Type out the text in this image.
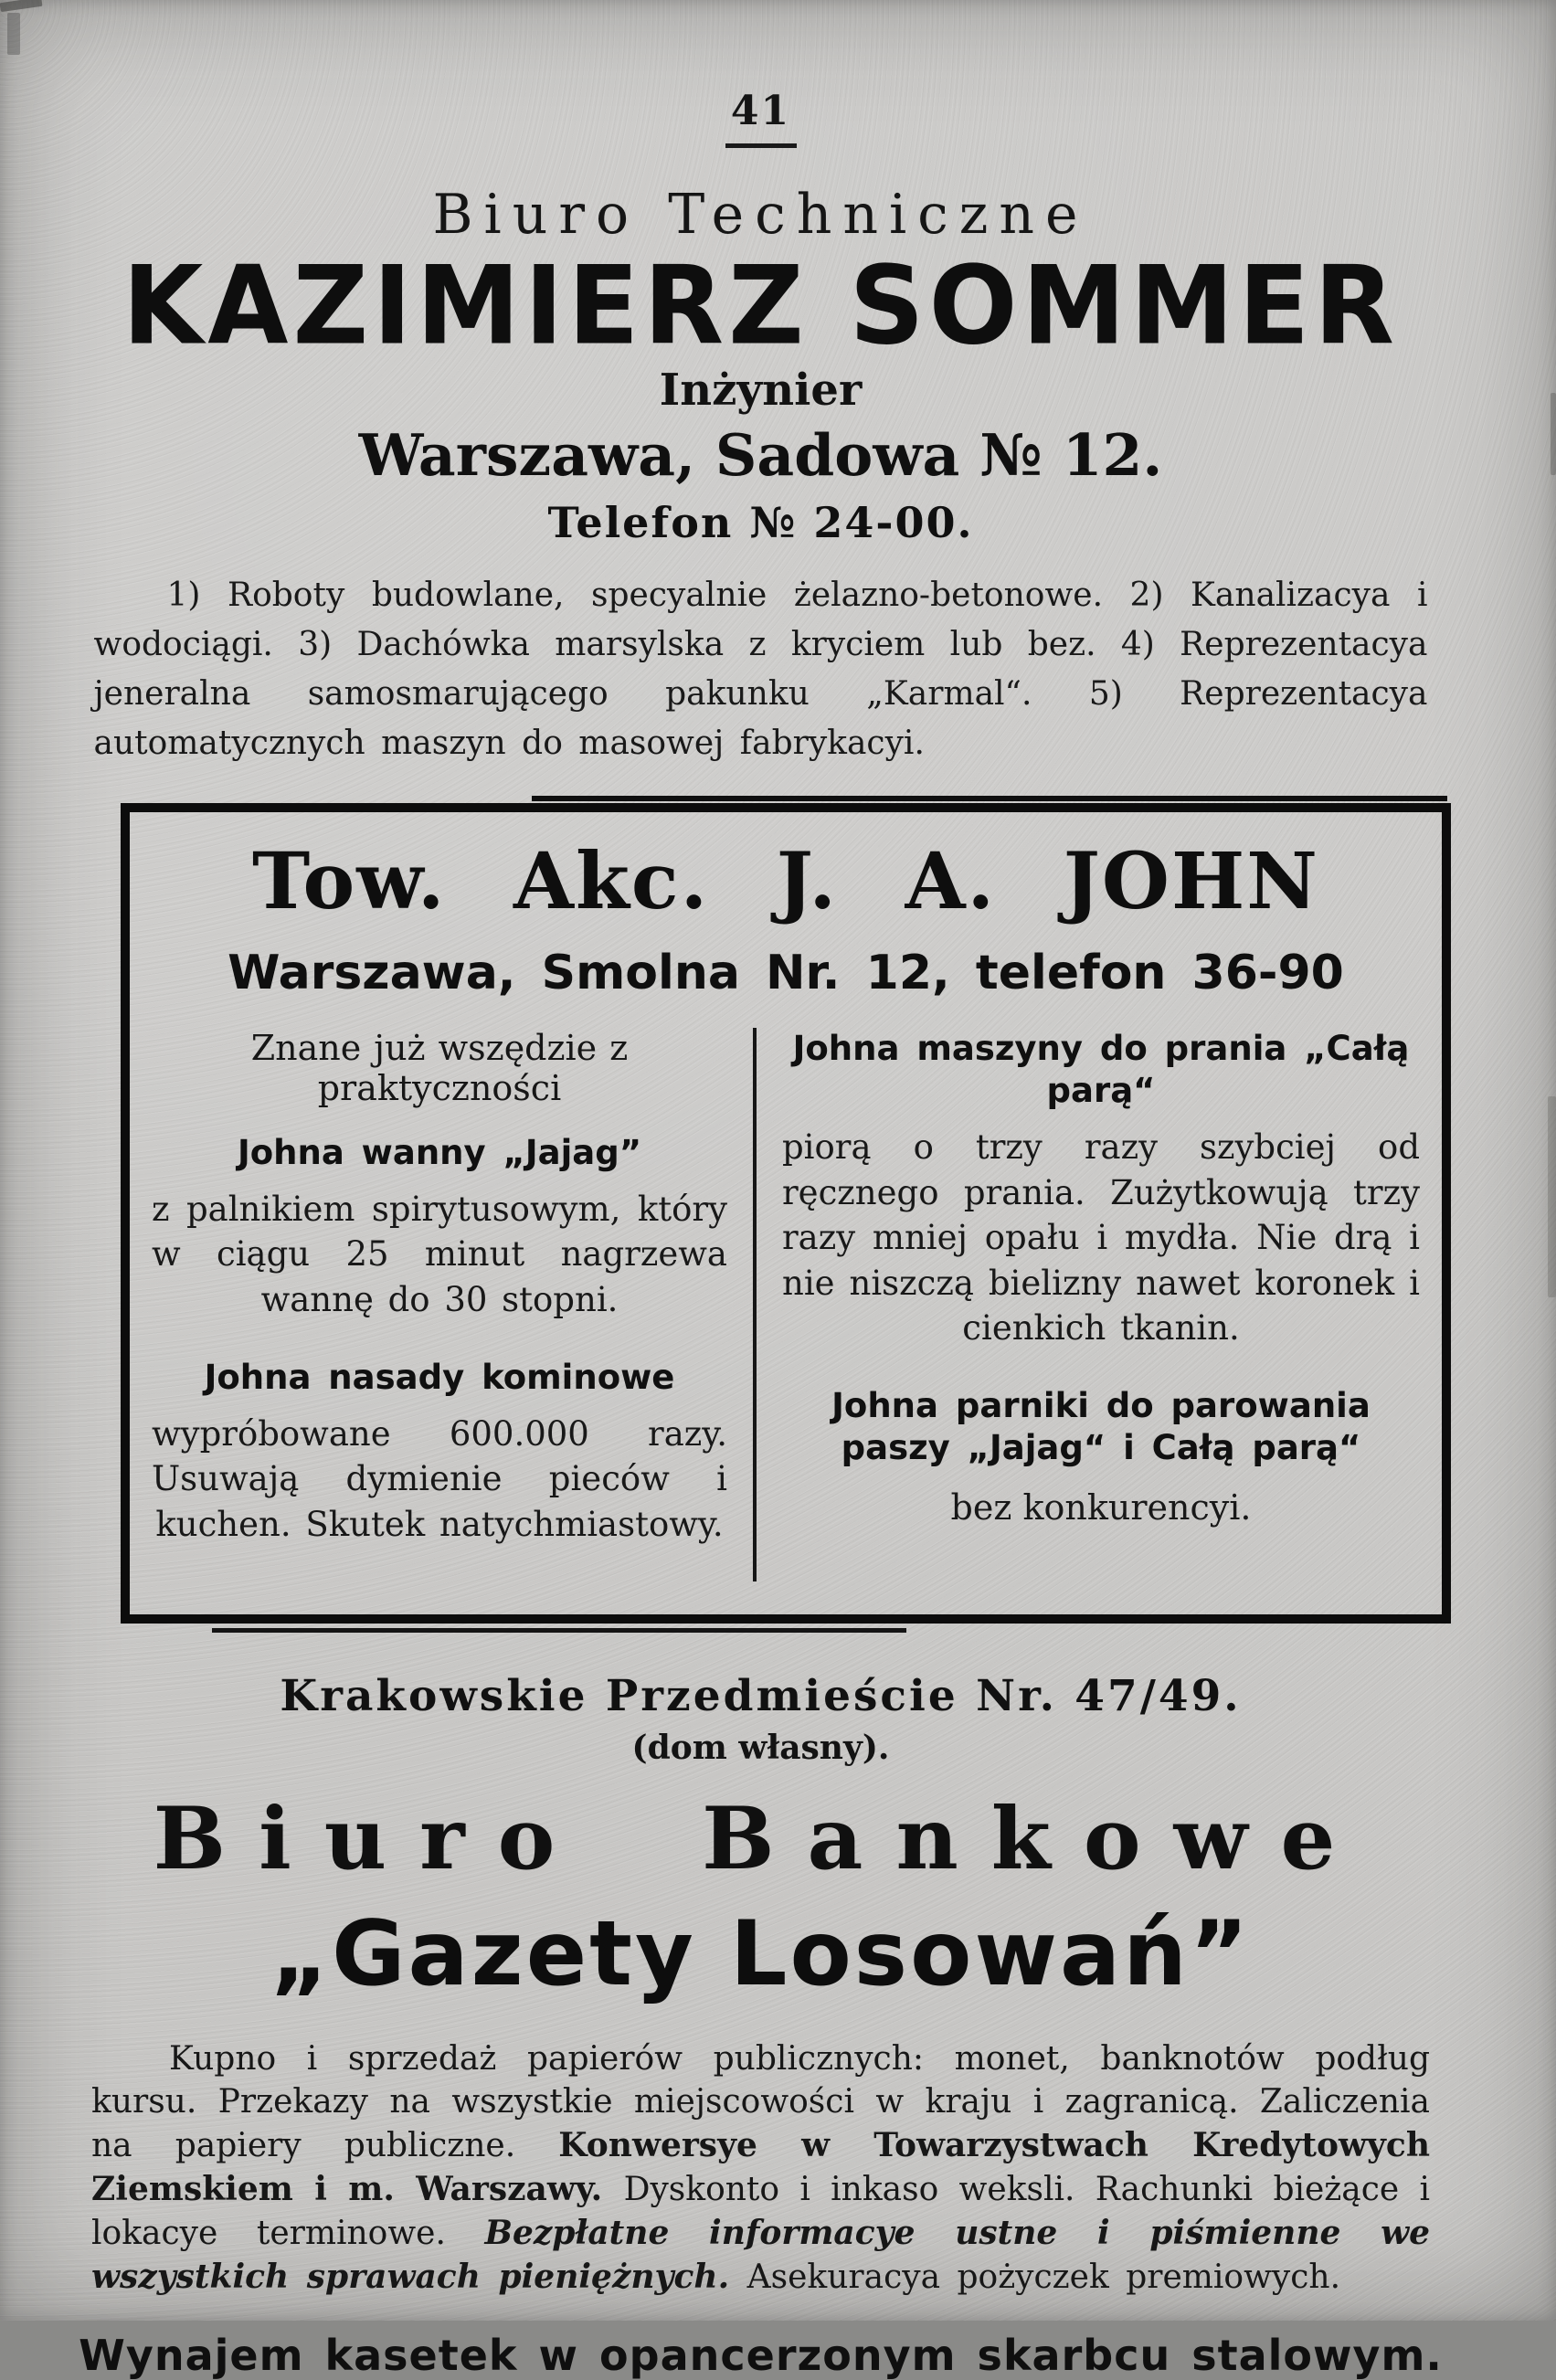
41
Biuro Techniczne
KAZIMIERZ SOMMER
Inżynier
Warszawa, Sadowa № 12.
Telefon № 24-00.

1) Roboty budowlane, specyalnie żelazno-betonowe. 2) Kanalizacya i wodociągi. 3) Dachówka marsylska z kryciem lub bez. 4) Reprezentacya jeneralna samosmarującego pakunku „Karmal“. 5) Reprezentacya automatycznych maszyn do masowej fabrykacyi.

Tow. Akc. J. A. JOHN
Warszawa, Smolna Nr. 12, telefon 36-90
Znane już wszędzie z praktyczności
Johna wanny „Jajag”

z palnikiem spirytusowym, który w ciągu 25 minut nagrzewa wannę do 30 stopni.

Johna nasady kominowe

wypróbowane 600.000 razy. Usuwają dymienie pieców i kuchen. Skutek natychmiastowy.

Johna maszyny do prania „Całą parą“

piorą o trzy razy szybciej od ręcznego prania. Zużytkowują trzy razy mniej opału i mydła. Nie drą i nie niszczą bielizny nawet koronek i cienkich tkanin.

Johna parniki do parowania paszy „Jajag“ i Całą parą“
bez konkurencyi.
Krakowskie Przedmieście Nr. 47/49.
(dom własny).
Biuro Bankowe
„Gazety Losowań”

Kupno i sprzedaż papierów publicznych: monet, banknotów podług kursu. Przekazy na wszystkie miejscowości w kraju i zagranicą. Zaliczenia na papiery publiczne. Konwersye w Towarzystwach Kredytowych Ziemskiem i m. Warszawy. Dyskonto i inkaso weksli. Rachunki bieżące i lokacye terminowe. Bezpłatne informacye ustne i piśmienne we wszystkich sprawach pieniężnych. Asekuracya pożyczek premiowych.

Wynajem kasetek w opancerzonym skarbcu stalowym.
